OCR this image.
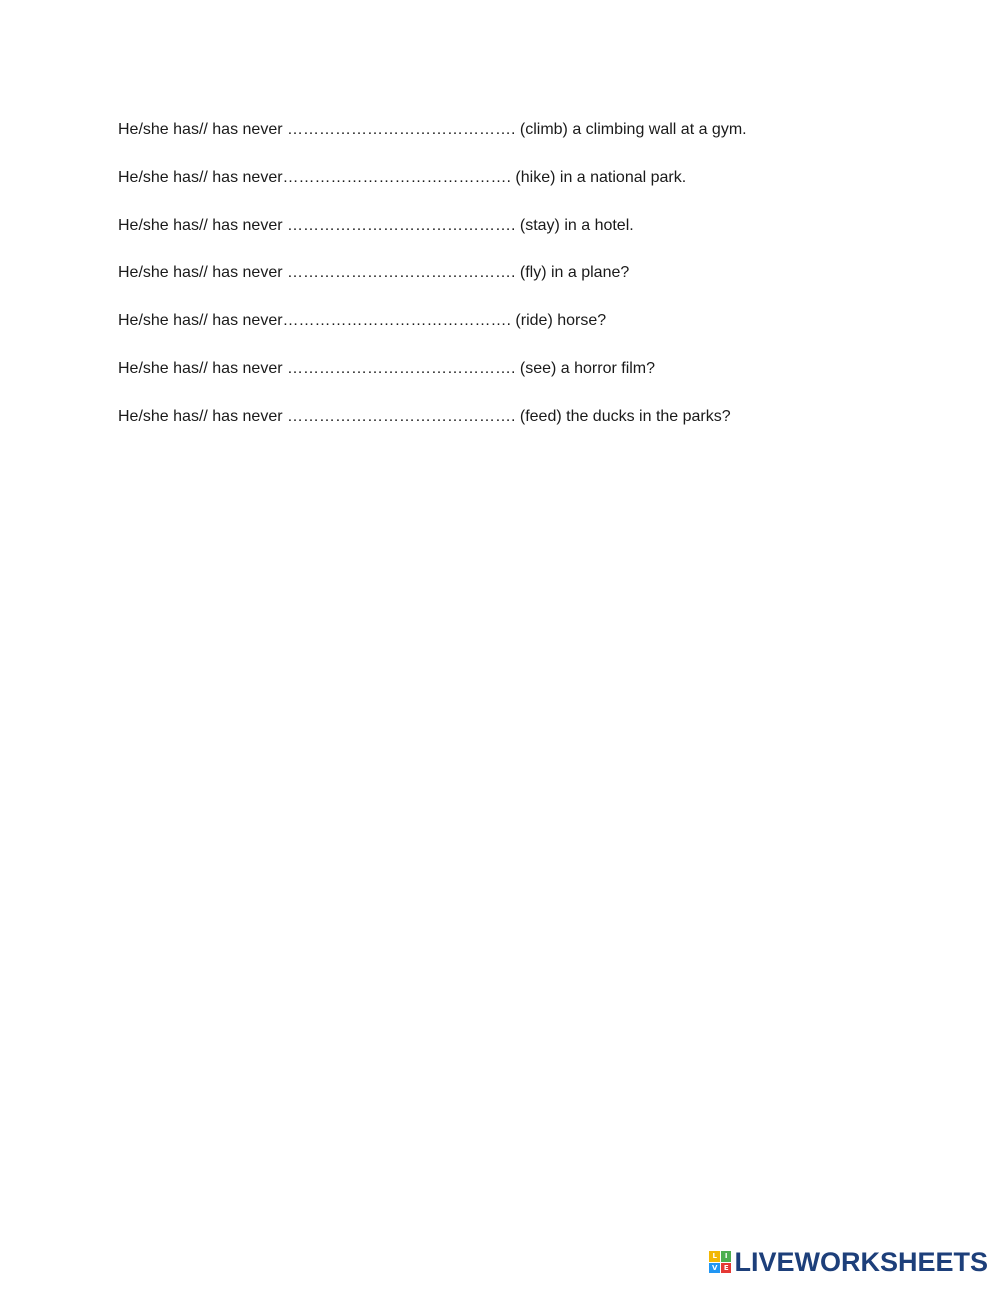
He/she has// has never ……………………………………. (climb) a climbing wall at a gym.

He/she has// has never……………………………………. (hike) in a national park.

He/she has// has never ……………………………………. (stay) in a hotel.

He/she has// has never ……………………………………. (fly) in a plane?

He/she has// has never……………………………………. (ride) horse?

He/she has// has never ……………………………………. (see) a horror film?

He/she has// has never ……………………………………. (feed) the ducks in the parks?

L	I
V E LIVEWORKSHEETS
